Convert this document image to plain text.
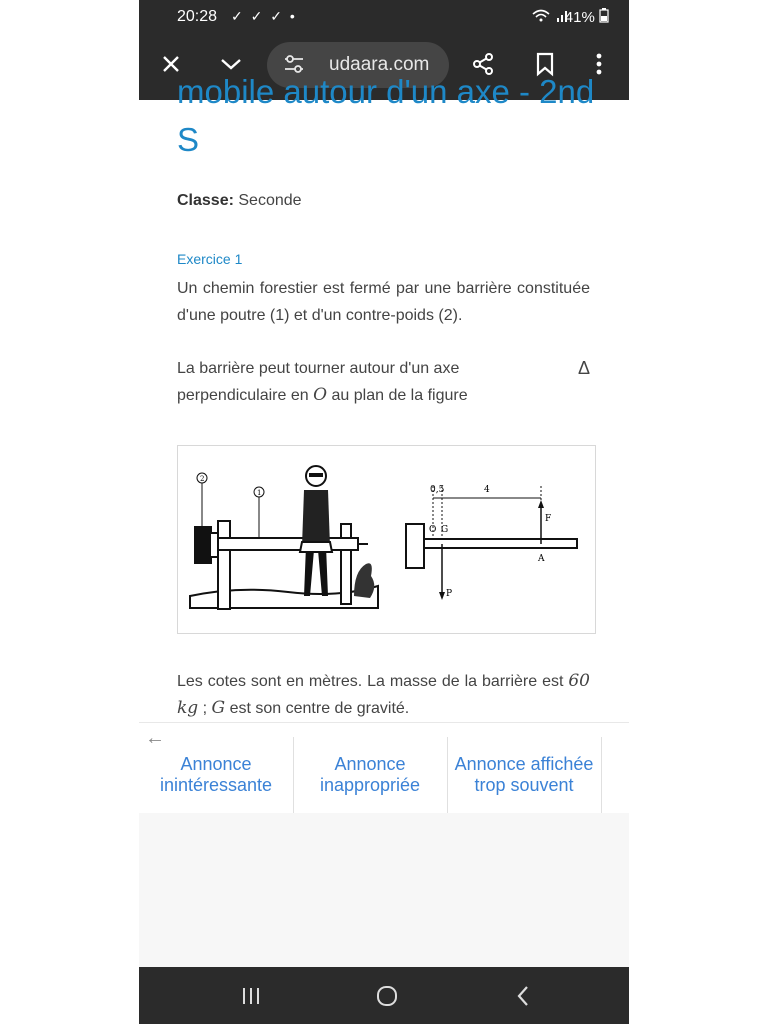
20:28 ✓ ✓ ✓ •	41%
udaara.com
mobile autour d'un axe - 2nd S
Classe: Seconde
Exercice 1
Un chemin forestier est fermé par une barrière constituée d'une poutre (1) et d'un contre-poids (2).
La barrière peut tourner autour d'un axe	Δ

perpendiculaire en O au plan de la figure
2
1	0,5	4
O G
P
F
A
Les cotes sont en mètres. La masse de la barrière est 60 kg ; G est son centre de gravité.
←
Annonce inintéressante
Annonce inappropriée
Annonce affichée trop souvent
